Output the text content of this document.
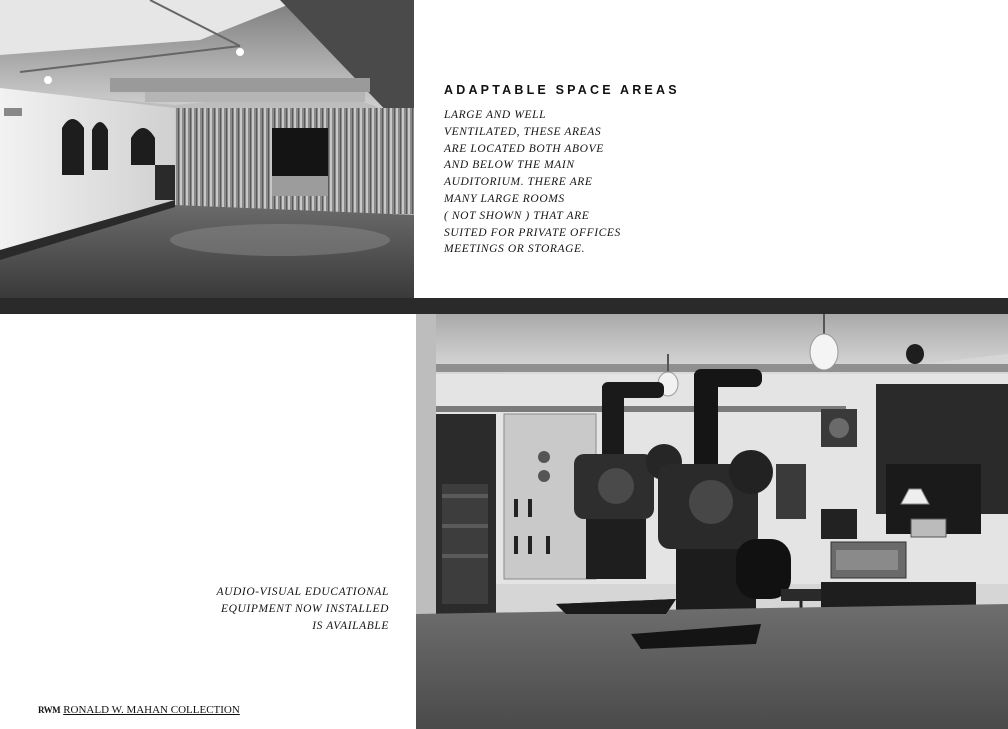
ADAPTABLE SPACE AREAS
LARGE AND WELL
VENTILATED, THESE AREAS
ARE LOCATED BOTH ABOVE
AND BELOW THE MAIN
AUDITORIUM. THERE ARE
MANY LARGE ROOMS
( NOT SHOWN ) THAT ARE
SUITED FOR PRIVATE OFFICES
MEETINGS OR STORAGE.
AUDIO-VISUAL EDUCATIONAL
EQUIPMENT NOW INSTALLED
IS AVAILABLE
RWM RONALD W. MAHAN COLLECTION
